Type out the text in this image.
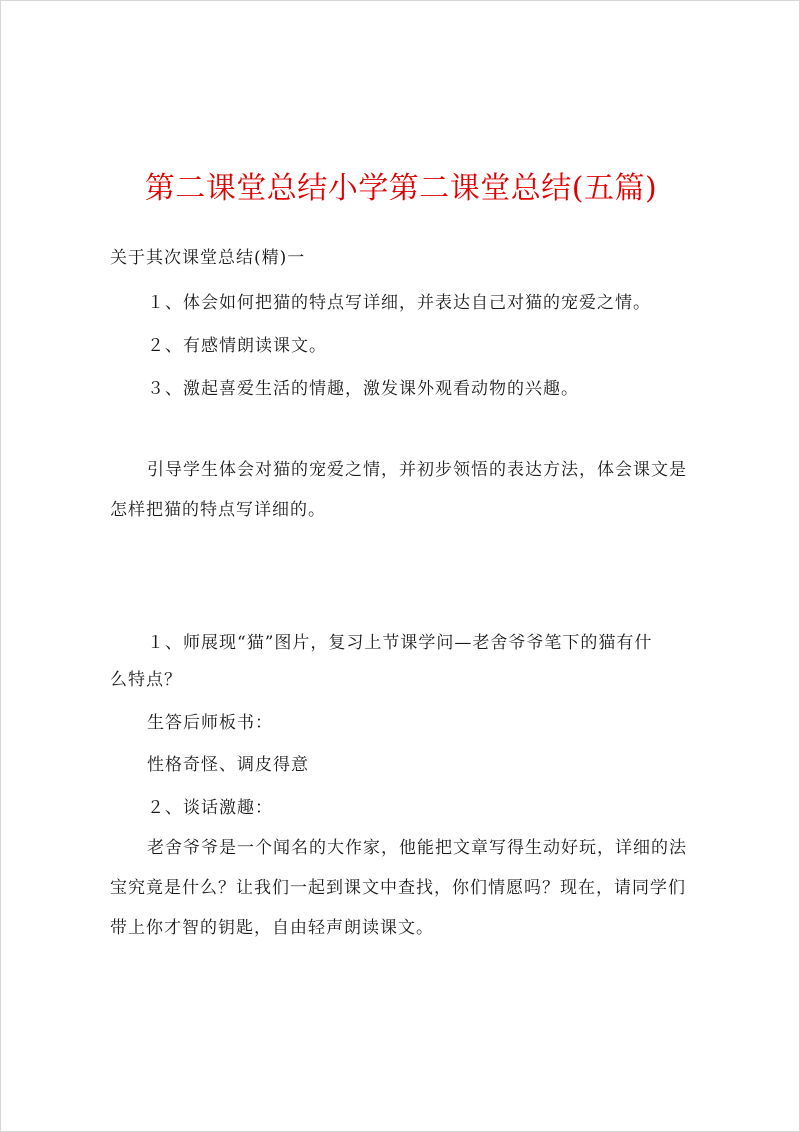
第二课堂总结小学第二课堂总结(五篇)
关于其次课堂总结(精)一
１、体会如何把猫的特点写详细，并表达自己对猫的宠爱之情。
２、有感情朗读课文。
３、激起喜爱生活的情趣，激发课外观看动物的兴趣。
引导学生体会对猫的宠爱之情，并初步领悟的表达方法，体会课文是
怎样把猫的特点写详细的。
１、师展现“猫”图片，复习上节课学问—老舍爷爷笔下的猫有什
么特点？
生答后师板书：
性格奇怪、调皮得意
２、谈话激趣：
老舍爷爷是一个闻名的大作家，他能把文章写得生动好玩，详细的法
宝究竟是什么？让我们一起到课文中查找，你们情愿吗？现在，请同学们
带上你才智的钥匙，自由轻声朗读课文。
